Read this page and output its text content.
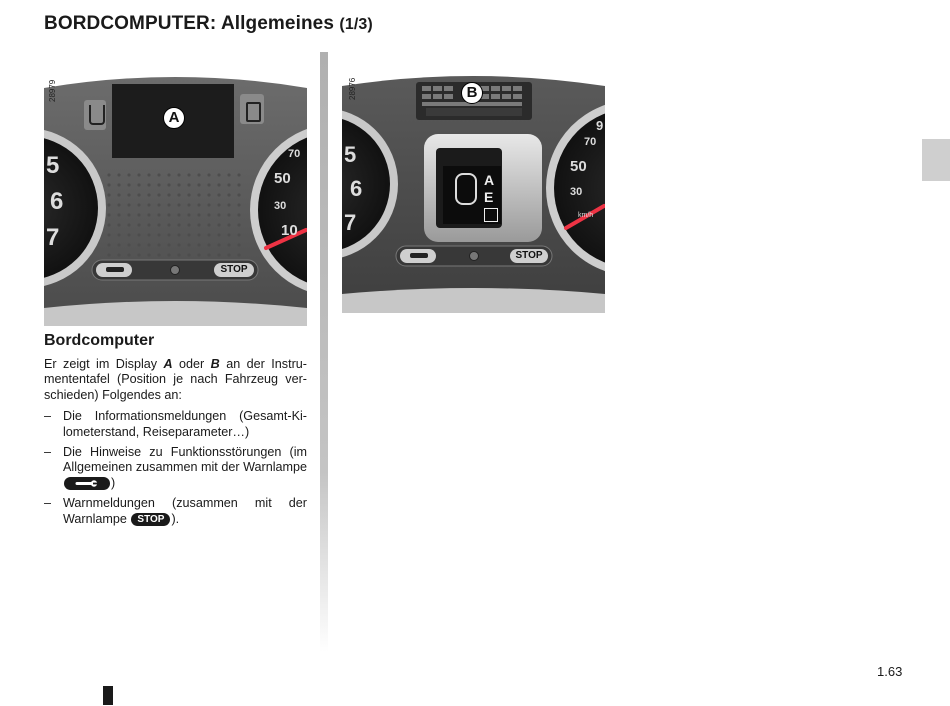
BORDCOMPUTER: Allgemeines (1/3)
28979
A
5
6
7
70
50
30
10
STOP
28976	B
A
E
5
6
7
9
70
50
30
km/h
STOP
Bordcomputer

Er zeigt im Display A oder B an der Instrumententafel (Position je nach Fahrzeug verschieden) Folgendes an:

– Die Informationsmeldungen (Gesamt-Kilometerstand, Reiseparameter…)
– Die Hinweise zu Funktionsstörungen (im Allgemeinen zusammen mit der Warnlampe )
– Warnmeldungen (zusammen mit der Warnlampe STOP ).
1.63
